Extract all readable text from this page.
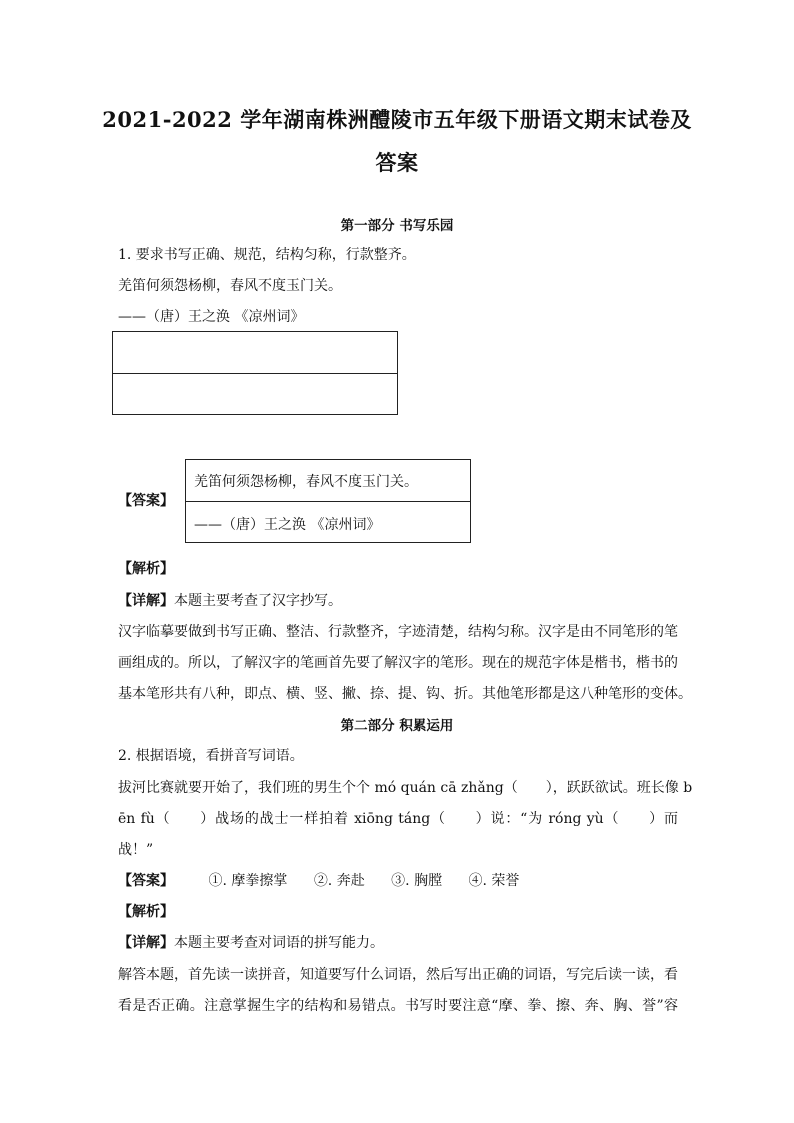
2021-2022 学年湖南株洲醴陵市五年级下册语文期末试卷及
答案
第一部分 书写乐园
1. 要求书写正确、规范，结构匀称，行款整齐。
羌笛何须怨杨柳，春风不度玉门关。
——（唐）王之涣 《凉州词》
【答案】
羌笛何须怨杨柳，春风不度玉门关。
——（唐）王之涣 《凉州词》
【解析】
【详解】本题主要考查了汉字抄写。
汉字临摹要做到书写正确、整洁、行款整齐，字迹清楚，结构匀称。汉字是由不同笔形的笔
画组成的。所以，了解汉字的笔画首先要了解汉字的笔形。现在的规范字体是楷书，楷书的
基本笔形共有八种，即点、横、竖、撇、捺、提、钩、折。其他笔形都是这八种笔形的变体。
第二部分 积累运用
2. 根据语境，看拼音写词语。
拔河比赛就要开始了，我们班的男生个个 mó quán cā zhǎng（　　），跃跃欲试。班长像 b
ēn fù（　　）战场的战士一样拍着 xiōng táng（　　）说：“为 róng yù（　　）而
战！”
【答案】 ①. 摩拳擦掌 ②. 奔赴 ③. 胸膛 ④. 荣誉
【解析】
【详解】本题主要考查对词语的拼写能力。
解答本题，首先读一读拼音，知道要写什么词语，然后写出正确的词语，写完后读一读，看
看是否正确。注意掌握生字的结构和易错点。书写时要注意“摩、拳、擦、奔、胸、誉”容
